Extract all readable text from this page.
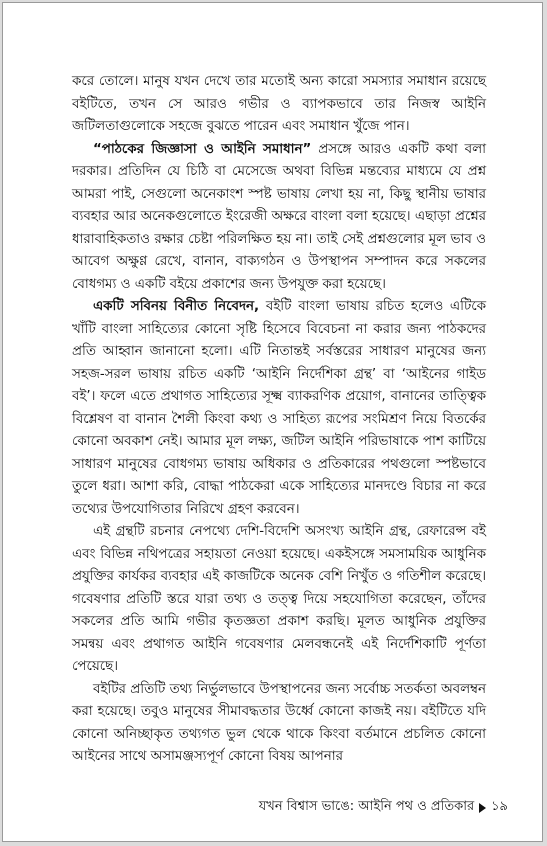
করে তোলে। মানুষ যখন দেখে তার মতোই অন্য কারো সমস্যার সমাধান রয়েছে বইটিতে, তখন সে আরও গভীর ও ব্যাপকভাবে তার নিজস্ব আইনি জটিলতাগুলোকে সহজে বুঝতে পারেন এবং সমাধান খুঁজে পান।

“পাঠকের জিজ্ঞাসা ও আইনি সমাধান” প্রসঙ্গে আরও একটি কথা বলা দরকার। প্রতিদিন যে চিঠি বা মেসেজে অথবা বিভিন্ন মন্তব্যের মাধ্যমে যে প্রশ্ন আমরা পাই, সেগুলো অনেকাংশ স্পষ্ট ভাষায় লেখা হয় না, কিছু স্থানীয় ভাষার ব্যবহার আর অনেকগুলোতে ইংরেজী অক্ষরে বাংলা বলা হয়েছে। এছাড়া প্রশ্নের ধারাবাহিকতাও রক্ষার চেষ্টা পরিলক্ষিত হয় না। তাই সেই প্রশ্নগুলোর মূল ভাব ও আবেগ অক্ষুণ্ণ রেখে, বানান, বাক্যগঠন ও উপস্থাপন সম্পাদন করে সকলের বোধগম্য ও একটি বইয়ে প্রকাশের জন্য উপযুক্ত করা হয়েছে।

একটি সবিনয় বিনীত নিবেদন, বইটি বাংলা ভাষায় রচিত হলেও এটিকে খাঁটি বাংলা সাহিত্যের কোনো সৃষ্টি হিসেবে বিবেচনা না করার জন্য পাঠকদের প্রতি আহ্বান জানানো হলো। এটি নিতান্তই সর্বস্তরের সাধারণ মানুষের জন্য সহজ-সরল ভাষায় রচিত একটি ‘আইনি নির্দেশিকা গ্রন্থ’ বা ‘আইনের গাইড বই’। ফলে এতে প্রথাগত সাহিত্যের সূক্ষ্ম ব্যাকরণিক প্রয়োগ, বানানের তাত্ত্বিক বিশ্লেষণ বা বানান শৈলী কিংবা কথ্য ও সাহিত্য রূপের সংমিশ্রণ নিয়ে বিতর্কের কোনো অবকাশ নেই। আমার মূল লক্ষ্য, জটিল আইনি পরিভাষাকে পাশ কাটিয়ে সাধারণ মানুষের বোধগম্য ভাষায় অধিকার ও প্রতিকারের পথগুলো স্পষ্টভাবে তুলে ধরা। আশা করি, বোদ্ধা পাঠকেরা একে সাহিত্যের মানদণ্ডে বিচার না করে তথ্যের উপযোগিতার নিরিখে গ্রহণ করবেন।

এই গ্রন্থটি রচনার নেপথ্যে দেশি-বিদেশি অসংখ্য আইনি গ্রন্থ, রেফারেন্স বই এবং বিভিন্ন নথিপত্রের সহায়তা নেওয়া হয়েছে। একইসঙ্গে সমসাময়িক আধুনিক প্রযুক্তির কার্যকর ব্যবহার এই কাজটিকে অনেক বেশি নিখুঁত ও গতিশীল করেছে। গবেষণার প্রতিটি স্তরে যারা তথ্য ও তত্ত্ব দিয়ে সহযোগিতা করেছেন, তাঁদের সকলের প্রতি আমি গভীর কৃতজ্ঞতা প্রকাশ করছি। মূলত আধুনিক প্রযুক্তির সমন্বয় এবং প্রথাগত আইনি গবেষণার মেলবন্ধনেই এই নির্দেশিকাটি পূর্ণতা পেয়েছে।

বইটির প্রতিটি তথ্য নির্ভুলভাবে উপস্থাপনের জন্য সর্বোচ্চ সতর্কতা অবলম্বন করা হয়েছে। তবুও মানুষের সীমাবদ্ধতার উর্ধ্বে কোনো কাজই নয়। বইটিতে যদি কোনো অনিচ্ছাকৃত তথ্যগত ভুল থেকে থাকে কিংবা বর্তমানে প্রচলিত কোনো আইনের সাথে অসামঞ্জস্যপূর্ণ কোনো বিষয় আপনার

যখন বিশ্বাস ভাঙে: আইনি পথ ও প্রতিকার ১৯
